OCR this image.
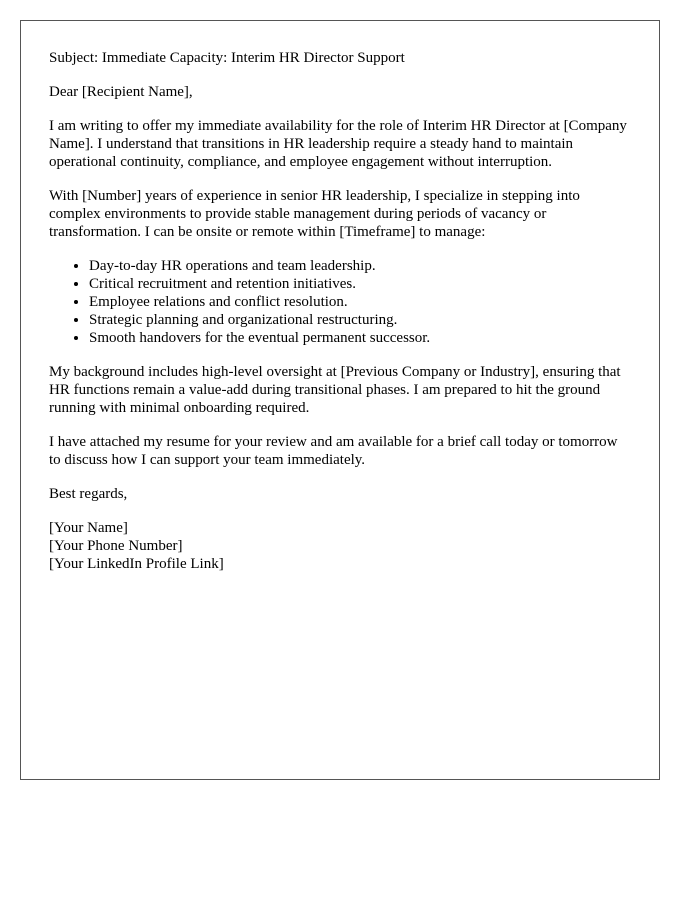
Subject: Immediate Capacity: Interim HR Director Support

Dear [Recipient Name],

I am writing to offer my immediate availability for the role of Interim HR Director at [Company Name]. I understand that transitions in HR leadership require a steady hand to maintain operational continuity, compliance, and employee engagement without interruption.

With [Number] years of experience in senior HR leadership, I specialize in stepping into complex environments to provide stable management during periods of vacancy or transformation. I can be onsite or remote within [Timeframe] to manage:

• Day-to-day HR operations and team leadership.
• Critical recruitment and retention initiatives.
• Employee relations and conflict resolution.
• Strategic planning and organizational restructuring.
• Smooth handovers for the eventual permanent successor.

My background includes high-level oversight at [Previous Company or Industry], ensuring that HR functions remain a value-add during transitional phases. I am prepared to hit the ground running with minimal onboarding required.

I have attached my resume for your review and am available for a brief call today or tomorrow to discuss how I can support your team immediately.

Best regards,

[Your Name]
[Your Phone Number]
[Your LinkedIn Profile Link]
